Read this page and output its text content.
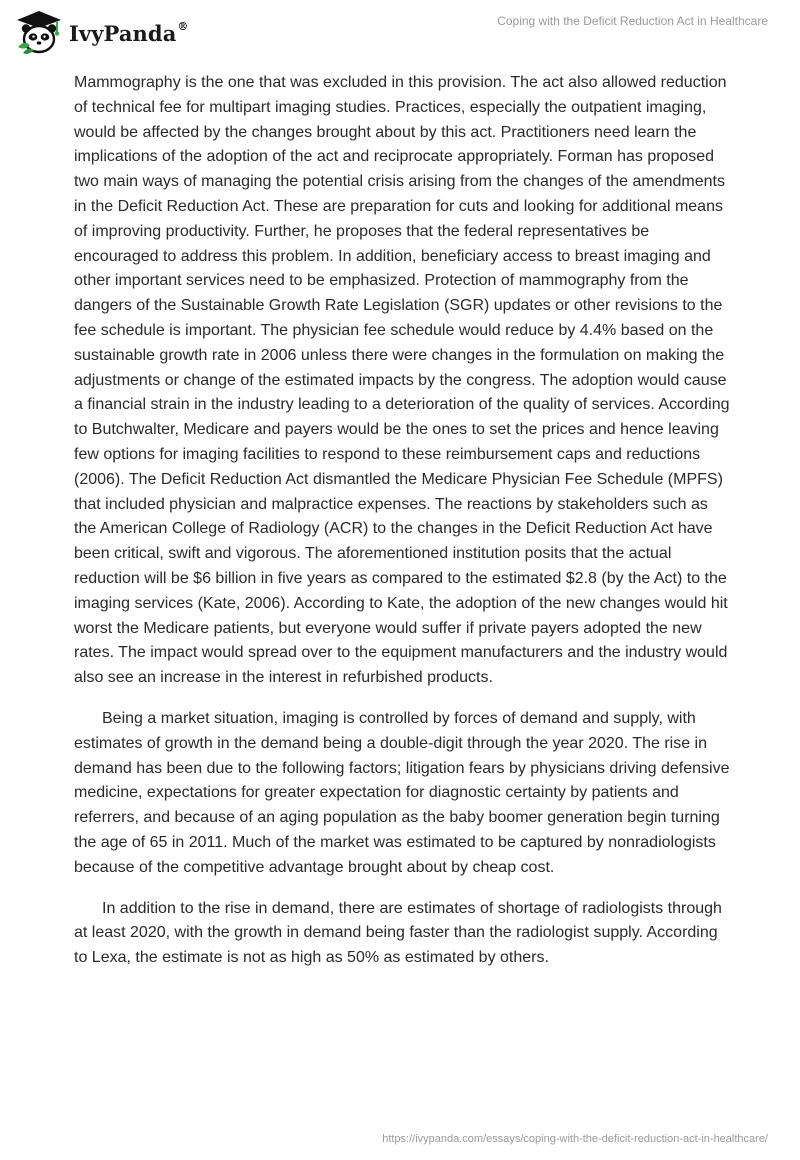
IvyPanda®	Coping with the Deficit Reduction Act in Healthcare

Mammography is the one that was excluded in this provision. The act also allowed reduction of technical fee for multipart imaging studies. Practices, especially the outpatient imaging, would be affected by the changes brought about by this act. Practitioners need learn the implications of the adoption of the act and reciprocate appropriately. Forman has proposed two main ways of managing the potential crisis arising from the changes of the amendments in the Deficit Reduction Act. These are preparation for cuts and looking for additional means of improving productivity. Further, he proposes that the federal representatives be encouraged to address this problem. In addition, beneficiary access to breast imaging and other important services need to be emphasized. Protection of mammography from the dangers of the Sustainable Growth Rate Legislation (SGR) updates or other revisions to the fee schedule is important. The physician fee schedule would reduce by 4.4% based on the sustainable growth rate in 2006 unless there were changes in the formulation on making the adjustments or change of the estimated impacts by the congress. The adoption would cause a financial strain in the industry leading to a deterioration of the quality of services. According to Butchwalter, Medicare and payers would be the ones to set the prices and hence leaving few options for imaging facilities to respond to these reimbursement caps and reductions (2006). The Deficit Reduction Act dismantled the Medicare Physician Fee Schedule (MPFS) that included physician and malpractice expenses. The reactions by stakeholders such as the American College of Radiology (ACR) to the changes in the Deficit Reduction Act have been critical, swift and vigorous. The aforementioned institution posits that the actual reduction will be $6 billion in five years as compared to the estimated $2.8 (by the Act) to the imaging services (Kate, 2006). According to Kate, the adoption of the new changes would hit worst the Medicare patients, but everyone would suffer if private payers adopted the new rates. The impact would spread over to the equipment manufacturers and the industry would also see an increase in the interest in refurbished products.

Being a market situation, imaging is controlled by forces of demand and supply, with estimates of growth in the demand being a double-digit through the year 2020. The rise in demand has been due to the following factors; litigation fears by physicians driving defensive medicine, expectations for greater expectation for diagnostic certainty by patients and referrers, and because of an aging population as the baby boomer generation begin turning the age of 65 in 2011. Much of the market was estimated to be captured by nonradiologists because of the competitive advantage brought about by cheap cost.

In addition to the rise in demand, there are estimates of shortage of radiologists through at least 2020, with the growth in demand being faster than the radiologist supply. According to Lexa, the estimate is not as high as 50% as estimated by others.

https://ivypanda.com/essays/coping-with-the-deficit-reduction-act-in-healthcare/
